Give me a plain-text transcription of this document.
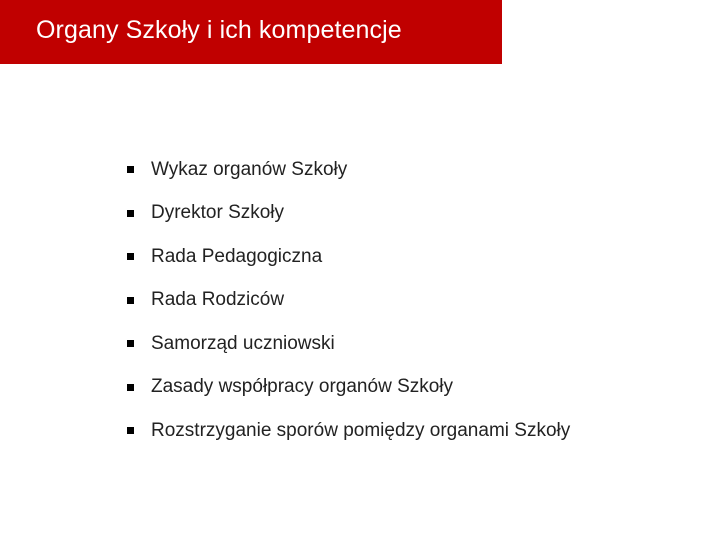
Organy Szkoły i ich kompetencje
Wykaz organów Szkoły
Dyrektor Szkoły
Rada Pedagogiczna
Rada Rodziców
Samorząd uczniowski
Zasady współpracy organów Szkoły
Rozstrzyganie sporów pomiędzy organami Szkoły
